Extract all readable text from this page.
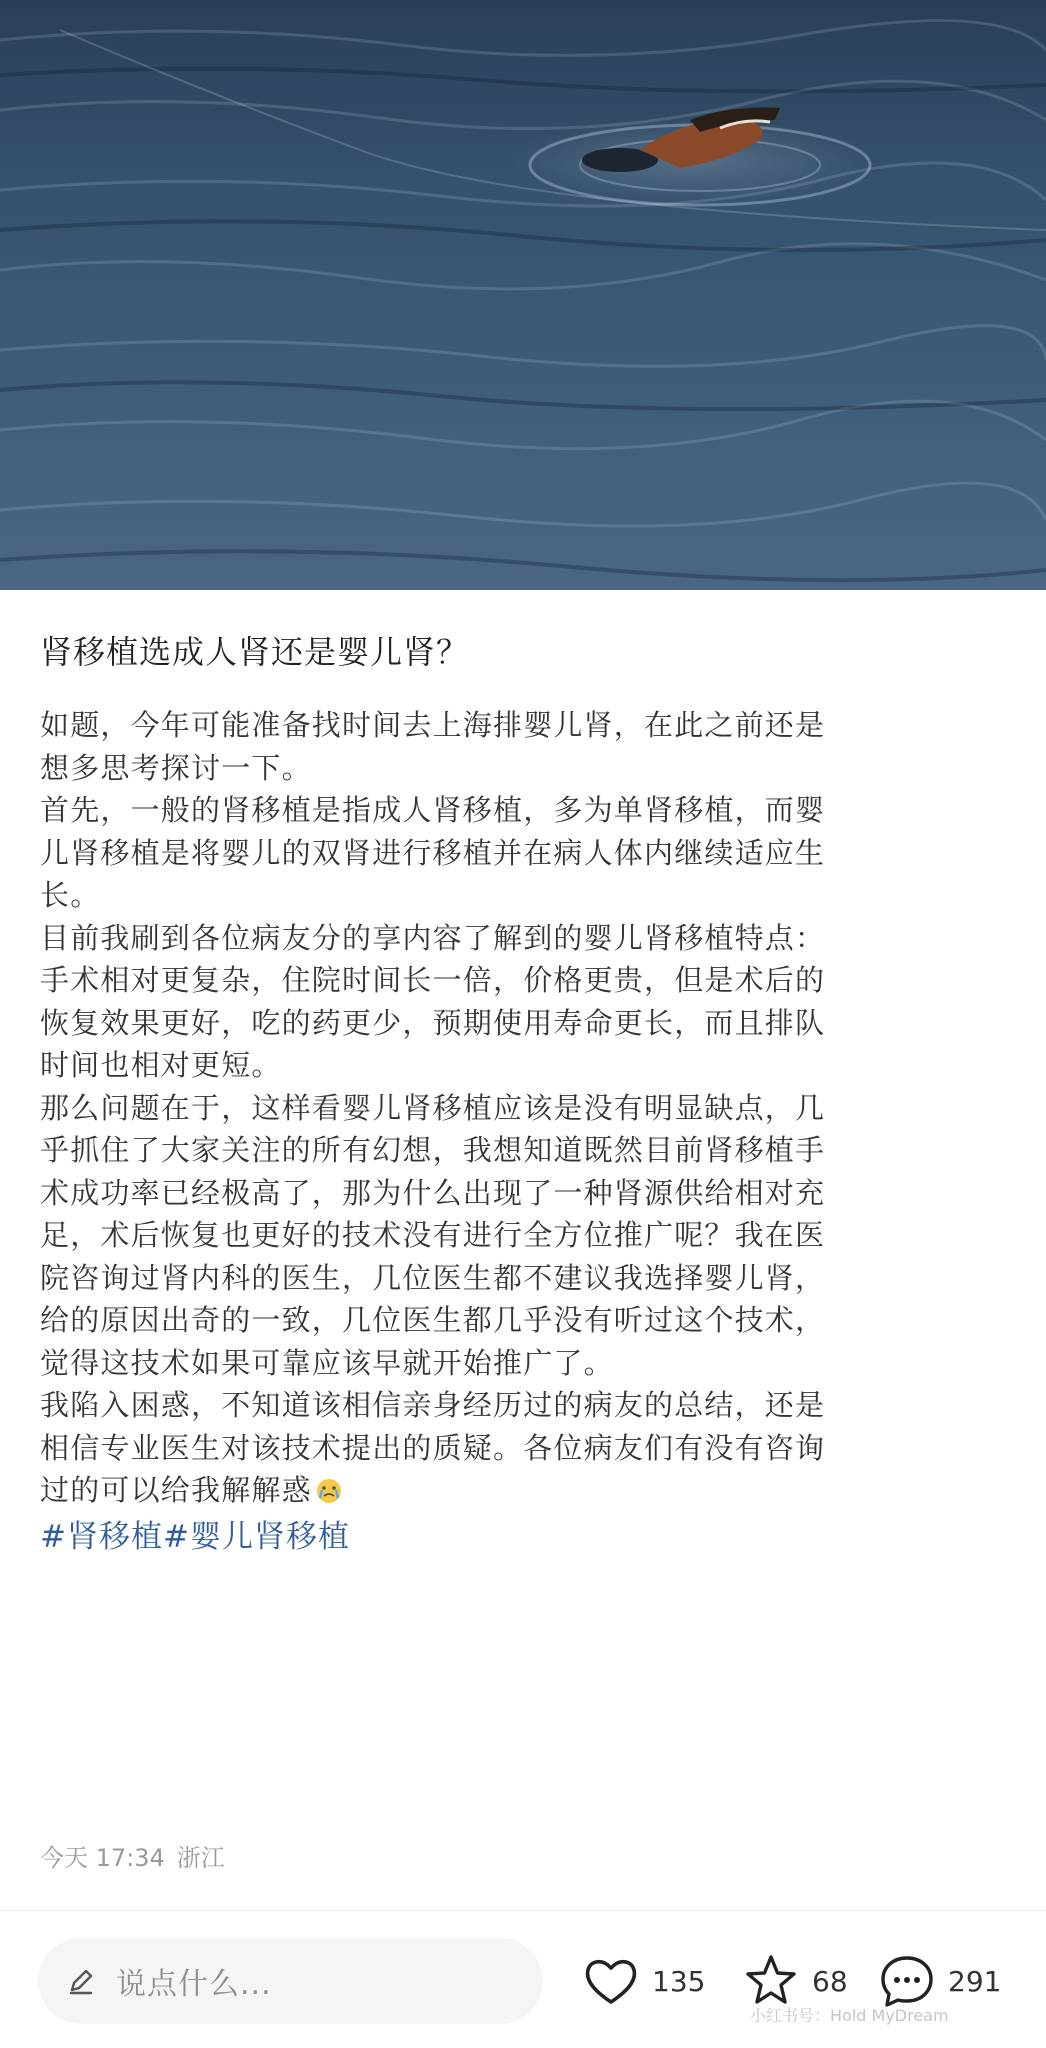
肾移植选成人肾还是婴儿肾？
如题，今年可能准备找时间去上海排婴儿肾，在此之前还是
想多思考探讨一下。
首先，一般的肾移植是指成人肾移植，多为单肾移植，而婴
儿肾移植是将婴儿的双肾进行移植并在病人体内继续适应生
长。
目前我刷到各位病友分的享内容了解到的婴儿肾移植特点：
手术相对更复杂，住院时间长一倍，价格更贵，但是术后的
恢复效果更好，吃的药更少，预期使用寿命更长，而且排队
时间也相对更短。
那么问题在于，这样看婴儿肾移植应该是没有明显缺点，几
乎抓住了大家关注的所有幻想，我想知道既然目前肾移植手
术成功率已经极高了，那为什么出现了一种肾源供给相对充
足，术后恢复也更好的技术没有进行全方位推广呢？我在医
院咨询过肾内科的医生，几位医生都不建议我选择婴儿肾，
给的原因出奇的一致，几位医生都几乎没有听过这个技术，
觉得这技术如果可靠应该早就开始推广了。
我陷入困惑，不知道该相信亲身经历过的病友的总结，还是
相信专业医生对该技术提出的质疑。各位病友们有没有咨询
过的可以给我解解惑
#肾移植 #婴儿肾移植
今天 17:34 浙江
说点什么...	135	68	291
小红书号：Hold MyDream
